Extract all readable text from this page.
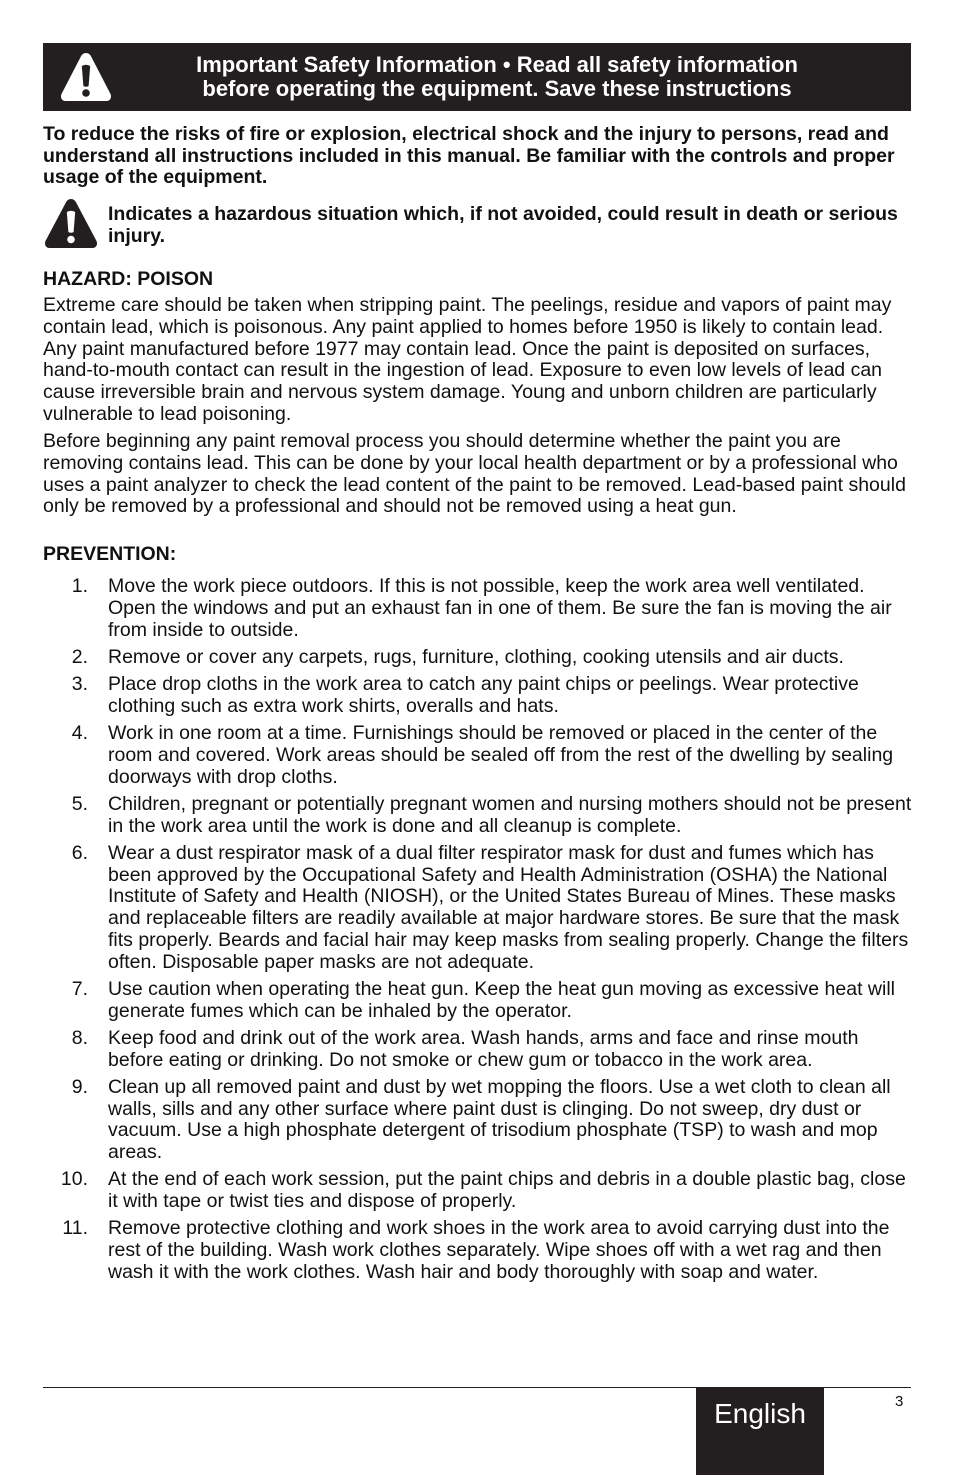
Important Safety Information • Read all safety information
before operating the equipment. Save these instructions
To reduce the risks of fire or explosion, electrical shock and the injury to persons, read and understand all instructions included in this manual. Be familiar with the controls and proper usage of the equipment.
Indicates a hazardous situation which, if not avoided, could result in death or serious injury.
HAZARD: POISON
Extreme care should be taken when stripping paint. The peelings, residue and vapors of paint may contain lead, which is poisonous. Any paint applied to homes before 1950 is likely to contain lead. Any paint manufactured before 1977 may contain lead. Once the paint is deposited on surfaces, hand-to-mouth contact can result in the ingestion of lead. Exposure to even low levels of lead can cause irreversible brain and nervous system damage. Young and unborn children are particularly vulnerable to lead poisoning.
Before beginning any paint removal process you should determine whether the paint you are removing contains lead. This can be done by your local health department or by a professional who uses a paint analyzer to check the lead content of the paint to be removed. Lead-based paint should only be removed by a professional and should not be removed using a heat gun.
PREVENTION:
1. Move the work piece outdoors. If this is not possible, keep the work area well ventilated. Open the windows and put an exhaust fan in one of them. Be sure the fan is moving the air from inside to outside.
2. Remove or cover any carpets, rugs, furniture, clothing, cooking utensils and air ducts.
3. Place drop cloths in the work area to catch any paint chips or peelings. Wear protective clothing such as extra work shirts, overalls and hats.
4. Work in one room at a time. Furnishings should be removed or placed in the center of the room and covered. Work areas should be sealed off from the rest of the dwelling by sealing doorways with drop cloths.
5. Children, pregnant or potentially pregnant women and nursing mothers should not be present in the work area until the work is done and all cleanup is complete.
6. Wear a dust respirator mask of a dual filter respirator mask for dust and fumes which has been approved by the Occupational Safety and Health Administration (OSHA) the National Institute of Safety and Health (NIOSH), or the United States Bureau of Mines. These masks and replaceable filters are readily available at major hardware stores. Be sure that the mask fits properly. Beards and facial hair may keep masks from sealing properly. Change the filters often. Disposable paper masks are not adequate.
7. Use caution when operating the heat gun. Keep the heat gun moving as excessive heat will generate fumes which can be inhaled by the operator.
8. Keep food and drink out of the work area. Wash hands, arms and face and rinse mouth before eating or drinking. Do not smoke or chew gum or tobacco in the work area.
9. Clean up all removed paint and dust by wet mopping the floors. Use a wet cloth to clean all walls, sills and any other surface where paint dust is clinging. Do not sweep, dry dust or vacuum. Use a high phosphate detergent of trisodium phosphate (TSP) to wash and mop areas.
10. At the end of each work session, put the paint chips and debris in a double plastic bag, close it with tape or twist ties and dispose of properly.
11. Remove protective clothing and work shoes in the work area to avoid carrying dust into the rest of the building. Wash work clothes separately. Wipe shoes off with a wet rag and then wash it with the work clothes. Wash hair and body thoroughly with soap and water.
English	3
